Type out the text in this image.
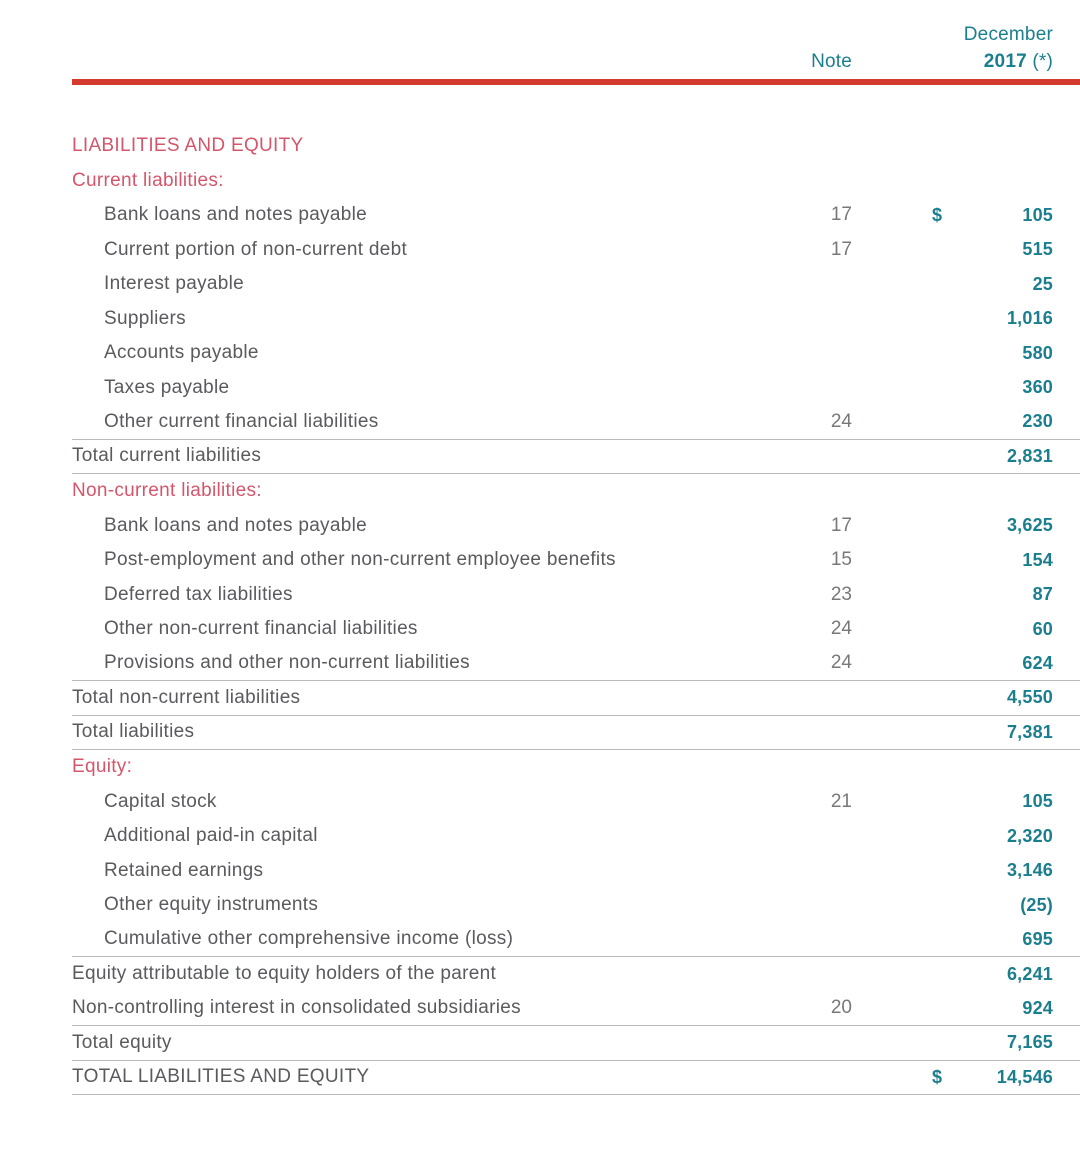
Note
December
2017 (*)
LIABILITIES AND EQUITY
Current liabilities:
Bank loans and notes payable	17	$	105
Current portion of non-current debt	17	515
Interest payable	25
Suppliers	1,016
Accounts payable	580
Taxes payable	360
Other current financial liabilities	24	230
Total current liabilities	2,831
Non-current liabilities:
Bank loans and notes payable	17	3,625
Post-employment and other non-current employee benefits	15	154
Deferred tax liabilities	23	87
Other non-current financial liabilities	24	60
Provisions and other non-current liabilities	24	624
Total non-current liabilities	4,550
Total liabilities	7,381
Equity:
Capital stock	21	105
Additional paid-in capital	2,320
Retained earnings	3,146
Other equity instruments	(25)
Cumulative other comprehensive income (loss)	695
Equity attributable to equity holders of the parent	6,241
Non-controlling interest in consolidated subsidiaries	20	924
Total equity	7,165
TOTAL LIABILITIES AND EQUITY	$	14,546
